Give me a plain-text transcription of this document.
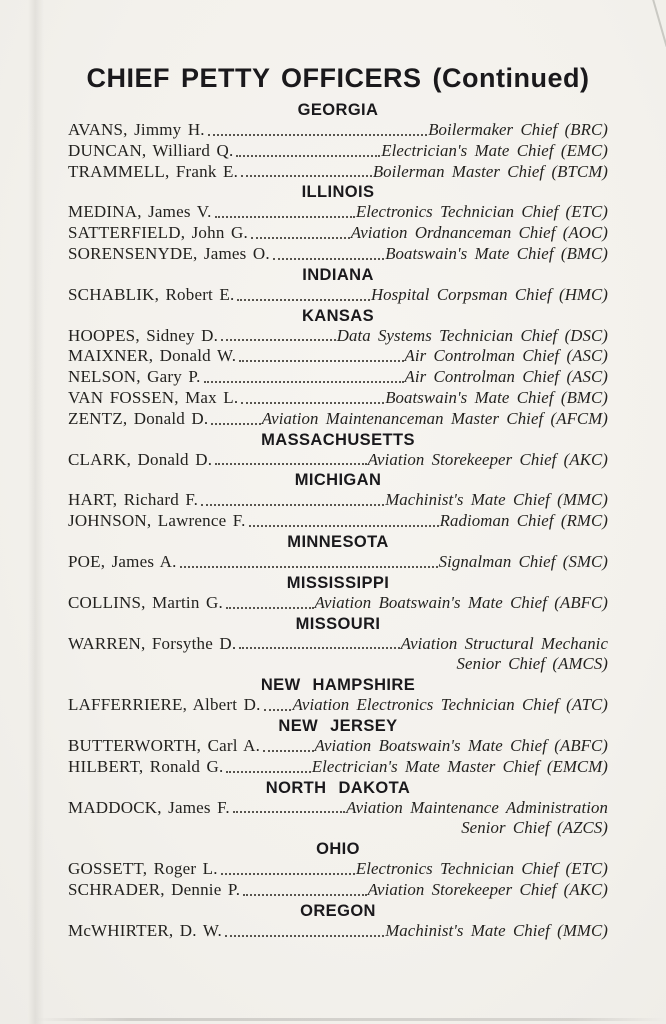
CHIEF PETTY OFFICERS (Continued)
GEORGIA
AVANS, Jimmy H.	Boilermaker Chief (BRC)
DUNCAN, Williard Q.	Electrician's Mate Chief (EMC)
TRAMMELL, Frank E.	Boilerman Master Chief (BTCM)
ILLINOIS
MEDINA, James V.	Electronics Technician Chief (ETC)
SATTERFIELD, John G.	Aviation Ordnanceman Chief (AOC)
SORENSENYDE, James O.	Boatswain's Mate Chief (BMC)
INDIANA
SCHABLIK, Robert E.	Hospital Corpsman Chief (HMC)
KANSAS
HOOPES, Sidney D.	Data Systems Technician Chief (DSC)
MAIXNER, Donald W.	Air Controlman Chief (ASC)
NELSON, Gary P.	Air Controlman Chief (ASC)
VAN FOSSEN, Max L.	Boatswain's Mate Chief (BMC)
ZENTZ, Donald D.	Aviation Maintenanceman Master Chief (AFCM)
MASSACHUSETTS
CLARK, Donald D.	Aviation Storekeeper Chief (AKC)
MICHIGAN
HART, Richard F.	Machinist's Mate Chief (MMC)
JOHNSON, Lawrence F.	Radioman Chief (RMC)
MINNESOTA
POE, James A.	Signalman Chief (SMC)
MISSISSIPPI
COLLINS, Martin G.	Aviation Boatswain's Mate Chief (ABFC)
MISSOURI
WARREN, Forsythe D.	Aviation Structural Mechanic
Senior Chief (AMCS)
NEW HAMPSHIRE
LAFFERRIERE, Albert D. Aviation Electronics Technician Chief (ATC)
NEW JERSEY
BUTTERWORTH, Carl A.	Aviation Boatswain's Mate Chief (ABFC)
HILBERT, Ronald G.	Electrician's Mate Master Chief (EMCM)
NORTH DAKOTA
MADDOCK, James F.	Aviation Maintenance Administration
Senior Chief (AZCS)
OHIO
GOSSETT, Roger L.	Electronics Technician Chief (ETC)
SCHRADER, Dennie P.	Aviation Storekeeper Chief (AKC)
OREGON
McWHIRTER, D. W.	Machinist's Mate Chief (MMC)
